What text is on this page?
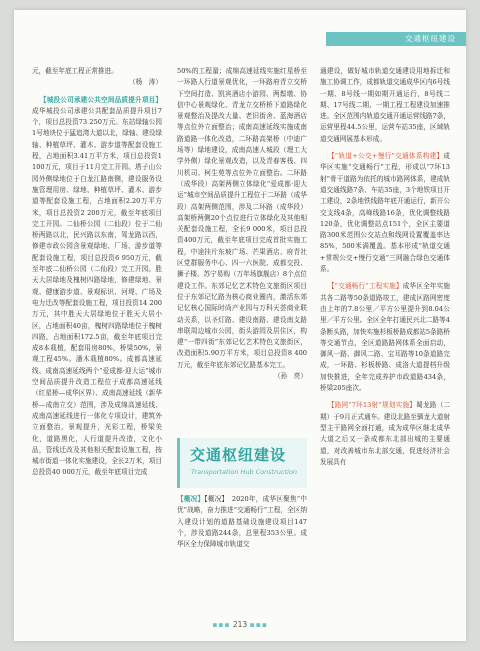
交通枢纽建设
元，截至年底工程正常推进。
（杨　涛）

【城投公司承建公共空间品质提升项目】成华城投公司承建公共配套品质提升项目7个，项目总投资73 250万元。东站绿轴公园1号地块位于猛追湾大道以北，绿轴、建设绿轴、种植草坪、灌木、游步道等配套设施工程，占地面积3.41万平方米，项目总投资1 100万元，项目于11月完工开园。塔子山公园外侧绿地位于白龙江路南侧，建设服务设施管理用房、绿地、种植草坪、灌木、游步道等配套设施工程，占地面积2.20万平方米，项目总投资2 200万元，截至年底项目完工开园。二仙桥公园（二仙段）位于二仙桥两路以北，民兴路以东南，驾龙路以西，修建市政公园含景观绿地、厂场、游步道等配套设施工程，项目总投资6 950万元，截至年底二仙桥公园（二仙段）完工开园。胜天大居绿地及槐树四路绿地，修建绿地、景观、健康游步道、景观标识、河堤、广场及电力迁改等配套设施工程，项目投资14 200万元，其中胜天大居绿地位于胜天大居小区，占地面积40亩，槐树四路绿地位于槐树四路，占地面积172.5亩，截至年底项目完成8本栽植，配套用房80%，桥梁50%，景观工程45%。潘木栽植80%。成都高速延线、成南高速延线两个“爱成都·迎大运”城市空间品质提升改造工程位于成都高速延线（红星桥—成华区界）、成南高速延线（新华桥—成南立交）范围，涉及成绵高速延线、成南高速延线进行一体化专项设计，建筑外立面整治，景观提升，光彩工程，桥梁美化，道路黑化，人行道提升改造，文化小品，管线迁改及其他相关配套设施工程，按城市街道一体化实施建设，全长2万米，项目总投资40 000万元，截至年底项目完成

50%的工程量；成绵高速延线实施红星桥至一环路人行道景观优化，一环路府青立交桥下空间打造、凯宾酒店小游园、两鬃墩、协信中心景观绿化、青龙立交桥桥下道路绿化景观整治及提改大量、老旧街舍、蓝海酒店等点位外立面整治；成南高速延线实施成南路道路一体化改造，二环路高架桥（中迪广场等）绿地建设，成南高速人城段（理工大学外侧）绿化景观改造，以及青春客栈、四川机司、柯生苑等点位外立面整治。二环路（成华段）高架两侧立体绿化“爱成都·迎大运”城市空间品质提升工程位于二环路（成华段）高架两侧范围，涉及二环路（成华段）高架桥两侧20个点位进行立体绿化及其他相关配套设施工程，全长9 000米，项目总投资400万元，截至年底项目完成首批实施工程，中途挂片东坡广场、芒果酒店、府青社区党群服务中心、四一六医院、成都交投、狮子楼、苏宁易购（万年场旗舰店）8个点位建设工作。东郊记忆艺术特色文旅街区项目位于东郊记忆路为核心商业圈内，激活东郊记忆核心国际时尚产业园与万科天荟商业联动关系，以圣灯路、建设南路、建设南支路串联周边城市公园，街头游园及居住区，构建“一带四街”东郊记忆艺术特色文旅街区，改造面积5.90万平方米，项目总投资8 400万元，截至年底东郊记忆路基本完工。
（孙　亮）
交通枢纽建设
Transportation Hub Construction
【概况】【概况】　2020年，成华区聚焦“中优”战略，奋力推进“交通畅行”工程，全区纳入建设计划的道路基础设施建设项目147个，涉及道路244条，总里程353公里。成华区全力保障城市轨道交
通建设，做好城市轨道交通建设用地拆迁和施工协调工作，成都轨道交通成华区内6号线一期、8号线一期如期开通运行，8号线二期、17号线二期、一期工程工程建设加速推进。全区范围内轨道交通开通运营线路7条，运营里程44.5公里，运营车站35座，区域轨道交通网展基本形成。

【“轨道+公交+慢行”交通体系构建】成华区实施“交通畅行”工程，形成以“7环13射”骨干道路为依托的城市路网体系，建成轨道交通线路7条、车站35座，3个地铁项目开工建设，2条地铁线路年底开通运行，新开公交支线4条，高峰线路16条，优化调整线路120条，优化调整站点151个，全区主要道路300米范围公交站点和线网设置覆盖率达85%，500米满覆盖。基本形成“轨道交通+常规公交+慢行交通”三网融合绿色交通体系。

【“交通畅行”工程实施】成华区全年实施共各二路等50条道路竣工，建成区路网密度由上年的7.8公里／平方公里提升到8.04公里／平方公里。全区全年打通民兴北二路等4条断头路，加快实施杉板桥路成都站5条路桥等交通节点，全区道路路网体系全面启动，御风一路、御风二路、宝耳路等10条道路完成，一环路、杉板桥路、成洛大道提档升级加快推进，全年完成养护市政道路434条，桥梁205座次。

【路网“7环13射”规划实施】蜀龙路（二期）于9月正式通车。建设北路至驷龙大道射型主干路网全面打通，成为成华区继北成华大道之后又一条成都东北部出城的主要通道，对改善城市东北部交通，促进经济社会发展具有

▪▪▪ 213 ▪▪▪
